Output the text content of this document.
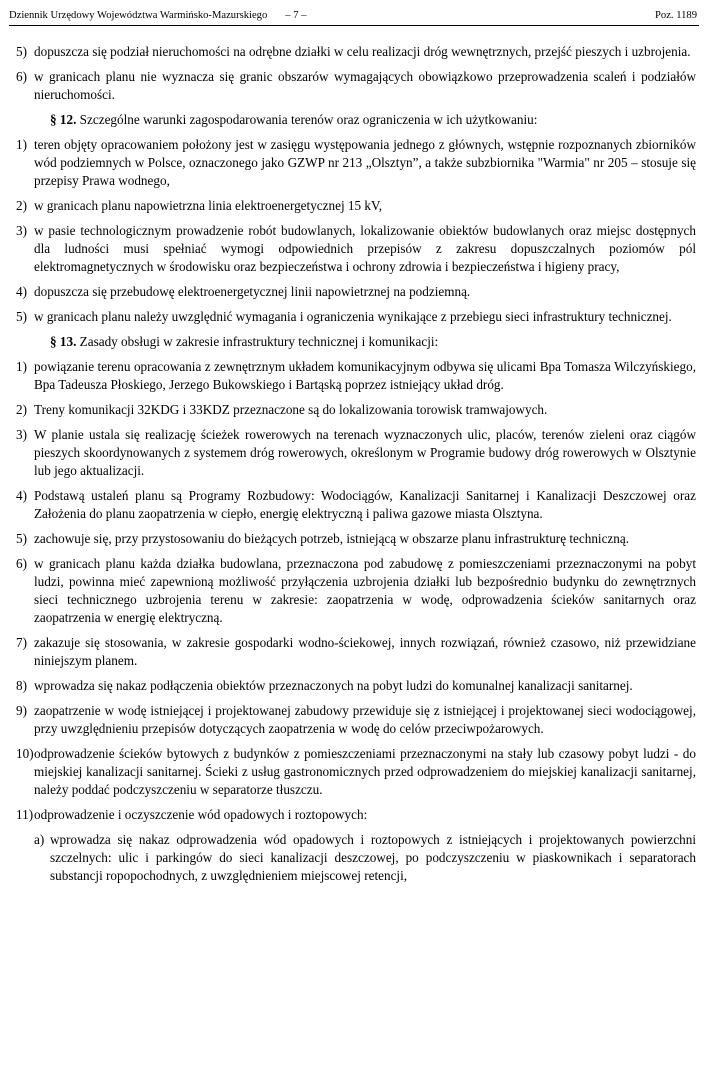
Dziennik Urzędowy Województwa Warmińsko-Mazurskiego – 7 –	Poz. 1189
5) dopuszcza się podział nieruchomości na odrębne działki w celu realizacji dróg wewnętrznych, przejść pieszych i uzbrojenia.
6) w granicach planu nie wyznacza się granic obszarów wymagających obowiązkowo przeprowadzenia scaleń i podziałów nieruchomości.
§ 12. Szczególne warunki zagospodarowania terenów oraz ograniczenia w ich użytkowaniu:
1) teren objęty opracowaniem położony jest w zasięgu występowania jednego z głównych, wstępnie rozpoznanych zbiorników wód podziemnych w Polsce, oznaczonego jako GZWP nr 213 „Olsztyn”, a także subzbiornika "Warmia" nr 205 – stosuje się przepisy Prawa wodnego,
2) w granicach planu napowietrzna linia elektroenergetycznej 15 kV,
3) w pasie technologicznym prowadzenie robót budowlanych, lokalizowanie obiektów budowlanych oraz miejsc dostępnych dla ludności musi spełniać wymogi odpowiednich przepisów z zakresu dopuszczalnych poziomów pól elektromagnetycznych w środowisku oraz bezpieczeństwa i ochrony zdrowia i bezpieczeństwa i higieny pracy,
4) dopuszcza się przebudowę elektroenergetycznej linii napowietrznej na podziemną.
5) w granicach planu należy uwzględnić wymagania i ograniczenia wynikające z przebiegu sieci infrastruktury technicznej.
§ 13. Zasady obsługi w zakresie infrastruktury technicznej i komunikacji:
1) powiązanie terenu opracowania z zewnętrznym układem komunikacyjnym odbywa się ulicami Bpa Tomasza Wilczyńskiego, Bpa Tadeusza Płoskiego, Jerzego Bukowskiego i Bartąską poprzez istniejący układ dróg.
2) Treny komunikacji 32KDG i 33KDZ przeznaczone są do lokalizowania torowisk tramwajowych.
3) W planie ustala się realizację ścieżek rowerowych na terenach wyznaczonych ulic, placów, terenów zieleni oraz ciągów pieszych skoordynowanych z systemem dróg rowerowych, określonym w Programie budowy dróg rowerowych w Olsztynie lub jego aktualizacji.
4) Podstawą ustaleń planu są Programy Rozbudowy: Wodociągów, Kanalizacji Sanitarnej i Kanalizacji Deszczowej oraz Założenia do planu zaopatrzenia w ciepło, energię elektryczną i paliwa gazowe miasta Olsztyna.
5) zachowuje się, przy przystosowaniu do bieżących potrzeb, istniejącą w obszarze planu infrastrukturę techniczną.
6) w granicach planu każda działka budowlana, przeznaczona pod zabudowę z pomieszczeniami przeznaczonymi na pobyt ludzi, powinna mieć zapewnioną możliwość przyłączenia uzbrojenia działki lub bezpośrednio budynku do zewnętrznych sieci technicznego uzbrojenia terenu w zakresie: zaopatrzenia w wodę, odprowadzenia ścieków sanitarnych oraz zaopatrzenia w energię elektryczną.
7) zakazuje się stosowania, w zakresie gospodarki wodno-ściekowej, innych rozwiązań, również czasowo, niż przewidziane niniejszym planem.
8) wprowadza się nakaz podłączenia obiektów przeznaczonych na pobyt ludzi do komunalnej kanalizacji sanitarnej.
9) zaopatrzenie w wodę istniejącej i projektowanej zabudowy przewiduje się z istniejącej i projektowanej sieci wodociągowej, przy uwzględnieniu przepisów dotyczących zaopatrzenia w wodę do celów przeciwpożarowych.
10) odprowadzenie ścieków bytowych z budynków z pomieszczeniami przeznaczonymi na stały lub czasowy pobyt ludzi - do miejskiej kanalizacji sanitarnej. Ścieki z usług gastronomicznych przed odprowadzeniem do miejskiej kanalizacji sanitarnej, należy poddać podczyszczeniu w separatorze tłuszczu.
11) odprowadzenie i oczyszczenie wód opadowych i roztopowych:
a) wprowadza się nakaz odprowadzenia wód opadowych i roztopowych z istniejących i projektowanych powierzchni szczelnych: ulic i parkingów do sieci kanalizacji deszczowej, po podczyszczeniu w piaskownikach i separatorach substancji ropopochodnych, z uwzględnieniem miejscowej retencji,
